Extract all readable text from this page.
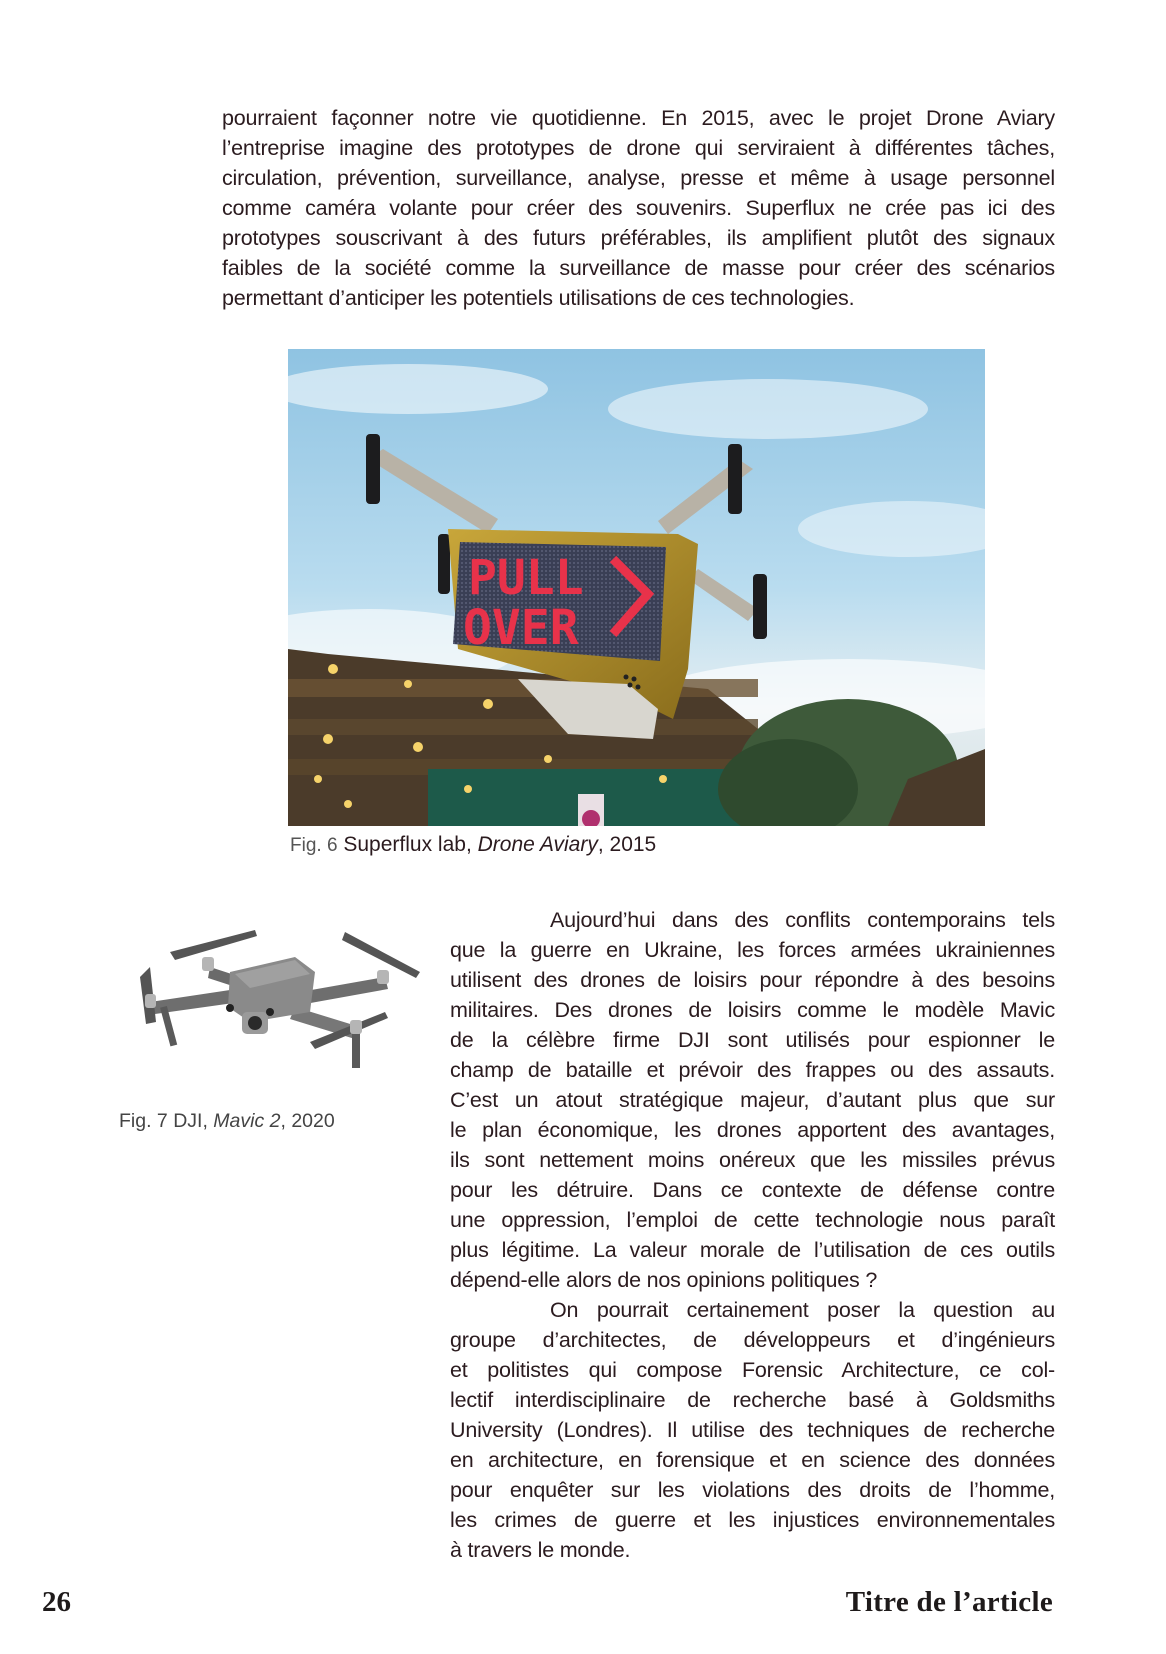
pourraient façonner notre vie quotidienne. En 2015, avec le projet Drone Aviary
l’entreprise imagine des prototypes de drone qui serviraient à différentes tâches,
circulation, prévention, surveillance, analyse, presse et même à usage personnel
comme caméra volante pour créer des souvenirs. Superflux ne crée pas ici des
prototypes souscrivant à des futurs préférables, ils amplifient plutôt des signaux
faibles de la société comme la surveillance de masse pour créer des scénarios
permettant d’anticiper les potentiels utilisations de ces technologies.
PULL
OVER
Fig. 6 Superflux lab, Drone Aviary, 2015
Fig. 7 DJI, Mavic 2, 2020
Aujourd’hui dans des conflits contemporains tels
que la guerre en Ukraine, les forces armées ukrainiennes
utilisent des drones de loisirs pour répondre à des besoins
militaires. Des drones de loisirs comme le modèle Mavic
de la célèbre firme DJI sont utilisés pour espionner le
champ de bataille et prévoir des frappes ou des assauts.
C’est un atout stratégique majeur, d’autant plus que sur
le plan économique, les drones apportent des avantages,
ils sont nettement moins onéreux que les missiles prévus
pour les détruire. Dans ce contexte de défense contre
une oppression, l’emploi de cette technologie nous paraît
plus légitime. La valeur morale de l’utilisation de ces outils
dépend-elle alors de nos opinions politiques ?
On pourrait certainement poser la question au
groupe d’architectes, de développeurs et d’ingénieurs
et politistes qui compose Forensic Architecture, ce col-
lectif interdisciplinaire de recherche basé à Goldsmiths
University (Londres). Il utilise des techniques de recherche
en architecture, en forensique et en science des données
pour enquêter sur les violations des droits de l’homme,
les crimes de guerre et les injustices environnementales
à travers le monde.
26	Titre de l’article
